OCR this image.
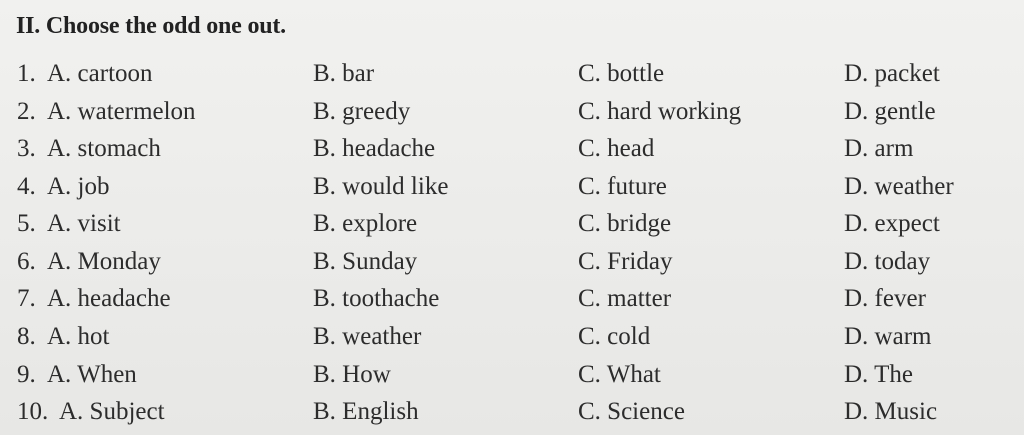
II. Choose the odd one out.
1. A. cartoon	B. bar	C. bottle	D. packet
2. A. watermelon	B. greedy	C. hard working	D. gentle
3. A. stomach	B. headache	C. head	D. arm
4. A. job	B. would like	C. future	D. weather
5. A. visit	B. explore	C. bridge	D. expect
6. A. Monday	B. Sunday	C. Friday	D. today
7. A. headache	B. toothache	C. matter	D. fever
8. A. hot	B. weather	C. cold	D. warm
9. A. When	B. How	C. What	D. The
10. A. Subject	B. English	C. Science	D. Music
